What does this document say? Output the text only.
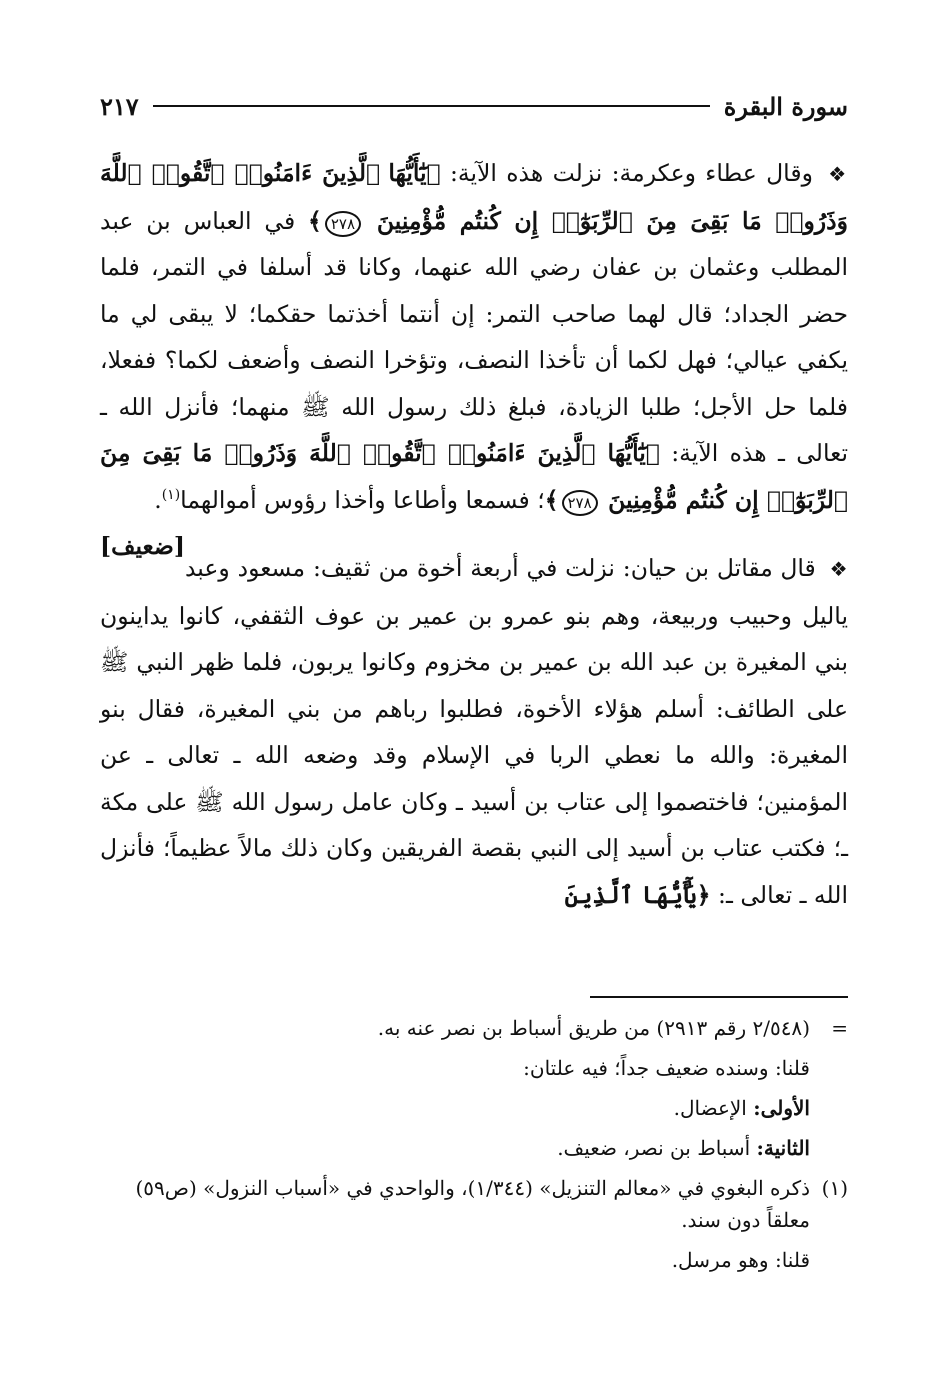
سورة البقرة
٢١٧

❖ وقال عطاء وعكرمة: نزلت هذه الآية: ﴿يَٰٓأَيُّهَا ٱلَّذِينَ ءَامَنُوا۟ ٱتَّقُوا۟ ٱللَّهَ وَذَرُوا۟ مَا بَقِىَ مِنَ ٱلرِّبَوٰٓا۟ إِن كُنتُم مُّؤْمِنِينَ ٢٧٨﴾ في العباس بن عبد المطلب وعثمان بن عفان رضي الله عنهما، وكانا قد أسلفا في التمر، فلما حضر الجداد؛ قال لهما صاحب التمر: إن أنتما أخذتما حقكما؛ لا يبقى لي ما يكفي عيالي؛ فهل لكما أن تأخذا النصف، وتؤخرا النصف وأضعف لكما؟ ففعلا، فلما حل الأجل؛ طلبا الزيادة، فبلغ ذلك رسول الله ﷺ منهما؛ فأنزل الله ـ تعالى ـ هذه الآية: ﴿يَٰٓأَيُّهَا ٱلَّذِينَ ءَامَنُوا۟ ٱتَّقُوا۟ ٱللَّهَ وَذَرُوا۟ مَا بَقِىَ مِنَ ٱلرِّبَوٰٓا۟ إِن كُنتُم مُّؤْمِنِينَ ٢٧٨﴾؛ فسمعا وأطاعا وأخذا رؤوس أموالهما$^{(١)}$.
[ضعيف]

❖ قال مقاتل بن حيان: نزلت في أربعة أخوة من ثقيف: مسعود وعبد ياليل وحبيب وربيعة، وهم بنو عمرو بن عمير بن عوف الثقفي، كانوا يداينون بني المغيرة بن عبد الله بن عمير بن مخزوم وكانوا يربون، فلما ظهر النبي ﷺ على الطائف: أسلم هؤلاء الأخوة، فطلبوا رباهم من بني المغيرة، فقال بنو المغيرة: والله ما نعطي الربا في الإسلام وقد وضعه الله ـ تعالى ـ عن المؤمنين؛ فاختصموا إلى عتاب بن أسيد ـ وكان عامل رسول الله ﷺ على مكة ـ؛ فكتب عتاب بن أسيد إلى النبي بقصة الفريقين وكان ذلك مالاً عظيماً؛ فأنزل الله ـ تعالى ـ: ﴿يَٰٓأَيُّهَا ٱلَّذِينَ

=

(٢/٥٤٨ رقم ٢٩١٣) من طريق أسباط بن نصر عنه به.

قلنا: وسنده ضعيف جداً؛ فيه علتان:

الأولى: الإعضال.

الثانية: أسباط بن نصر، ضعيف.

(١)

ذكره البغوي في «معالم التنزيل» (١/٣٤٤)، والواحدي في «أسباب النزول» (ص٥٩) معلقاً دون سند.

قلنا: وهو مرسل.
